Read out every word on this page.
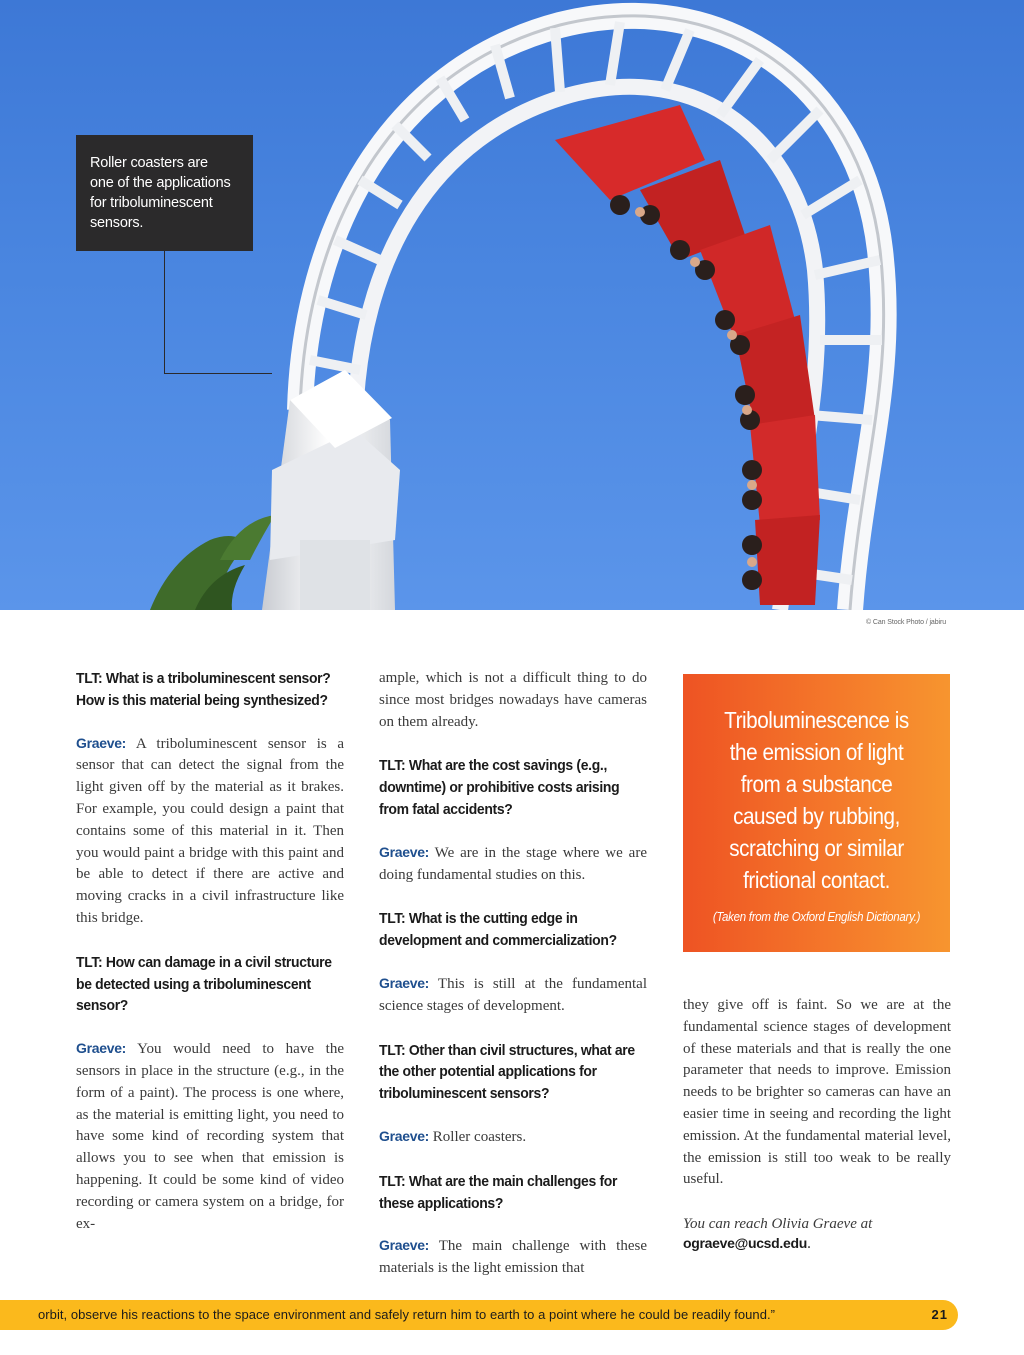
Roller coasters are

one of the applications

for triboluminescent

sensors.

© Can Stock Photo / jabiru
TLT: What is a triboluminescent sensor? How is this material being synthesized?

Graeve: A triboluminescent sensor is a sensor that can detect the signal from the light given off by the material as it brakes. For example, you could design a paint that contains some of this material in it. Then you would paint a bridge with this paint and be able to detect if there are active and moving cracks in a civil infrastructure like this bridge.

TLT: How can damage in a civil structure be detected using a triboluminescent sensor?

Graeve: You would need to have the sensors in place in the structure (e.g., in the form of a paint). The process is one where, as the material is emitting light, you need to have some kind of recording system that allows you to see when that emission is happening. It could be some kind of video recording or camera system on a bridge, for ex-

ample, which is not a difficult thing to do since most bridges nowadays have cameras on them already.

TLT: What are the cost savings (e.g., downtime) or prohibitive costs arising from fatal accidents?

Graeve: We are in the stage where we are doing fundamental studies on this.

TLT: What is the cutting edge in development and commercialization?

Graeve: This is still at the fundamental science stages of development.

TLT: Other than civil structures, what are the other potential applications for triboluminescent sensors?

Graeve: Roller coasters.

TLT: What are the main challenges for these applications?

Graeve: The main challenge with these materials is the light emission that

Triboluminescence is the emission of light from a substance caused by rubbing, scratching or similar frictional contact.
(Taken from the Oxford English Dictionary.)

they give off is faint. So we are at the fundamental science stages of development of these materials and that is really the one parameter that needs to improve. Emission needs to be brighter so cameras can have an easier time in seeing and recording the light emission. At the fundamental material level, the emission is still too weak to be really useful.

You can reach Olivia Graeve at

ograeve@ucsd.edu.

orbit, observe his reactions to the space environment and safely return him to earth to a point where he could be readily found.”	21
